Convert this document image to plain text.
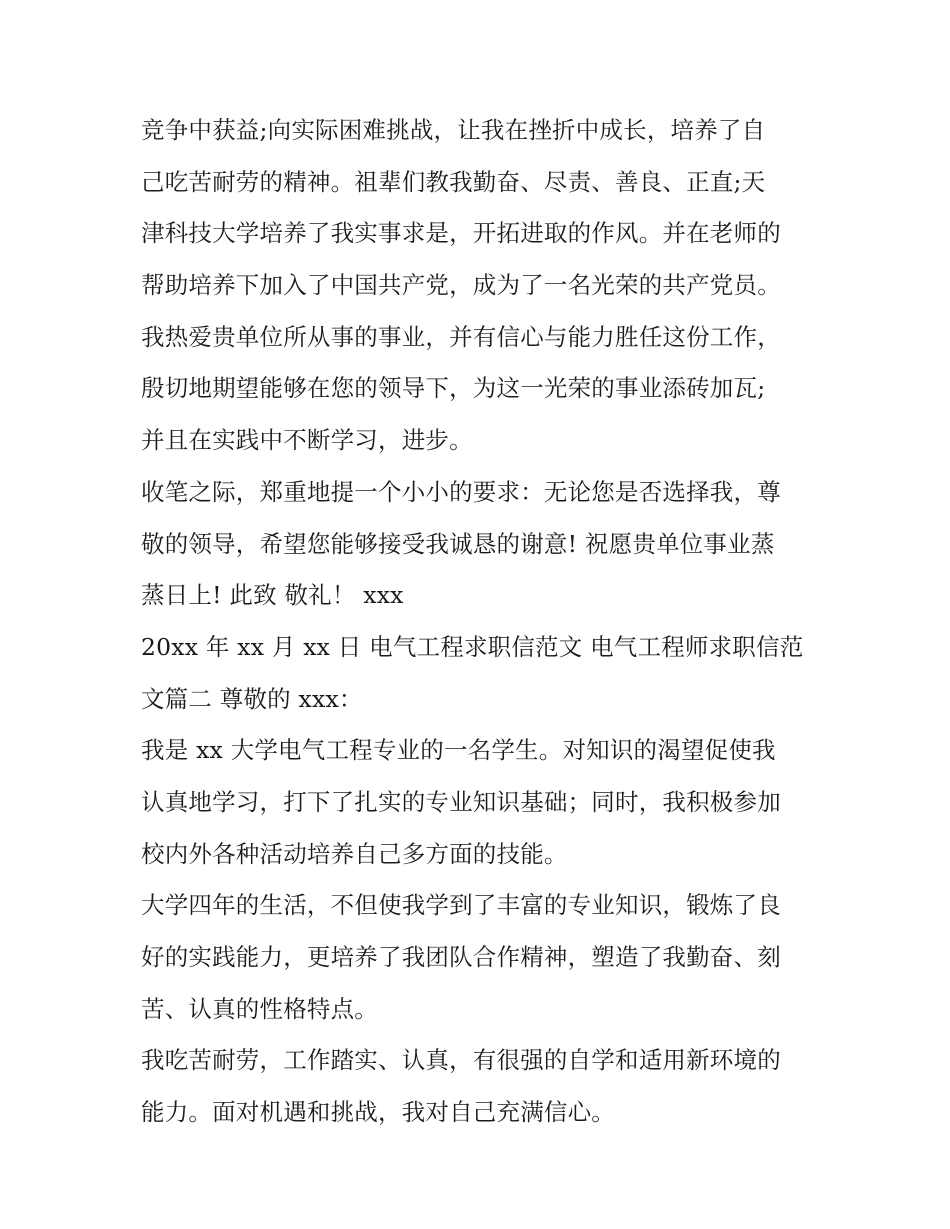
竞争中获益;向实际困难挑战，让我在挫折中成长，培养了自
己吃苦耐劳的精神。祖辈们教我勤奋、尽责、善良、正直;天
津科技大学培养了我实事求是，开拓进取的作风。并在老师的
帮助培养下加入了中国共产党，成为了一名光荣的共产党员。
我热爱贵单位所从事的事业，并有信心与能力胜任这份工作，
殷切地期望能够在您的领导下，为这一光荣的事业添砖加瓦;
并且在实践中不断学习，进步。
收笔之际，郑重地提一个小小的要求：无论您是否选择我，尊
敬的领导，希望您能够接受我诚恳的谢意! 祝愿贵单位事业蒸
蒸日上! 此致 敬礼！ xxx
20xx 年 xx 月 xx 日 电气工程求职信范文 电气工程师求职信范
文篇二 尊敬的 xxx：
我是 xx 大学电气工程专业的一名学生。对知识的渴望促使我
认真地学习，打下了扎实的专业知识基础；同时，我积极参加
校内外各种活动培养自己多方面的技能。
大学四年的生活，不但使我学到了丰富的专业知识，锻炼了良
好的实践能力，更培养了我团队合作精神，塑造了我勤奋、刻
苦、认真的性格特点。
我吃苦耐劳，工作踏实、认真，有很强的自学和适用新环境的
能力。面对机遇和挑战，我对自己充满信心。
